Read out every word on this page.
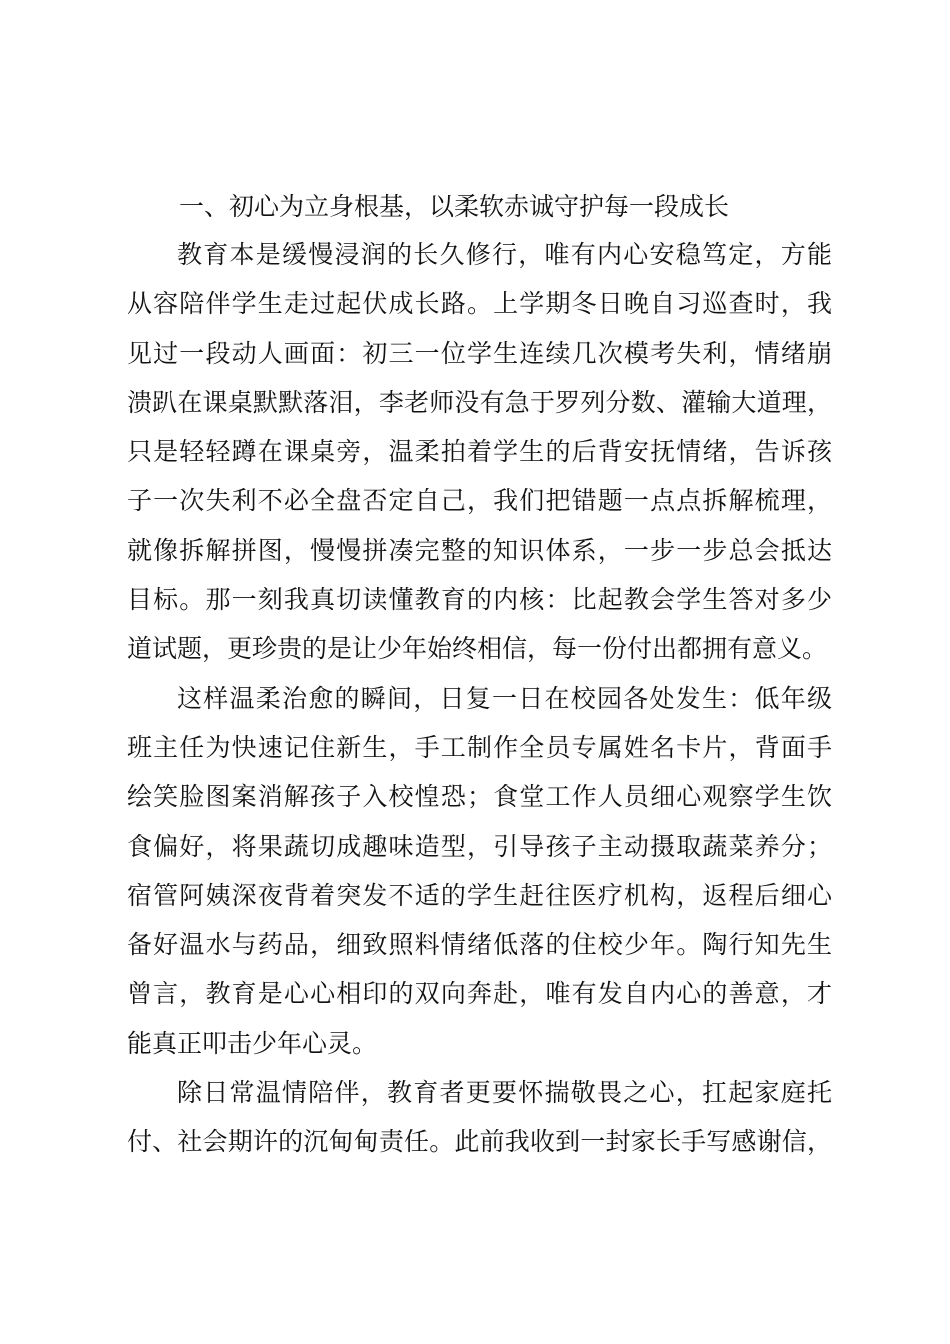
一、初心为立身根基，以柔软赤诚守护每一段成长
教育本是缓慢浸润的长久修行，唯有内心安稳笃定，方能
从容陪伴学生走过起伏成长路。上学期冬日晚自习巡查时，我
见过一段动人画面：初三一位学生连续几次模考失利，情绪崩
溃趴在课桌默默落泪，李老师没有急于罗列分数、灌输大道理，
只是轻轻蹲在课桌旁，温柔拍着学生的后背安抚情绪，告诉孩
子一次失利不必全盘否定自己，我们把错题一点点拆解梳理，
就像拆解拼图，慢慢拼凑完整的知识体系，一步一步总会抵达
目标。那一刻我真切读懂教育的内核：比起教会学生答对多少
道试题，更珍贵的是让少年始终相信，每一份付出都拥有意义。
这样温柔治愈的瞬间，日复一日在校园各处发生：低年级
班主任为快速记住新生，手工制作全员专属姓名卡片，背面手
绘笑脸图案消解孩子入校惶恐；食堂工作人员细心观察学生饮
食偏好，将果蔬切成趣味造型，引导孩子主动摄取蔬菜养分；
宿管阿姨深夜背着突发不适的学生赶往医疗机构，返程后细心
备好温水与药品，细致照料情绪低落的住校少年。陶行知先生
曾言，教育是心心相印的双向奔赴，唯有发自内心的善意，才
能真正叩击少年心灵。
除日常温情陪伴，教育者更要怀揣敬畏之心，扛起家庭托
付、社会期许的沉甸甸责任。此前我收到一封家长手写感谢信，
